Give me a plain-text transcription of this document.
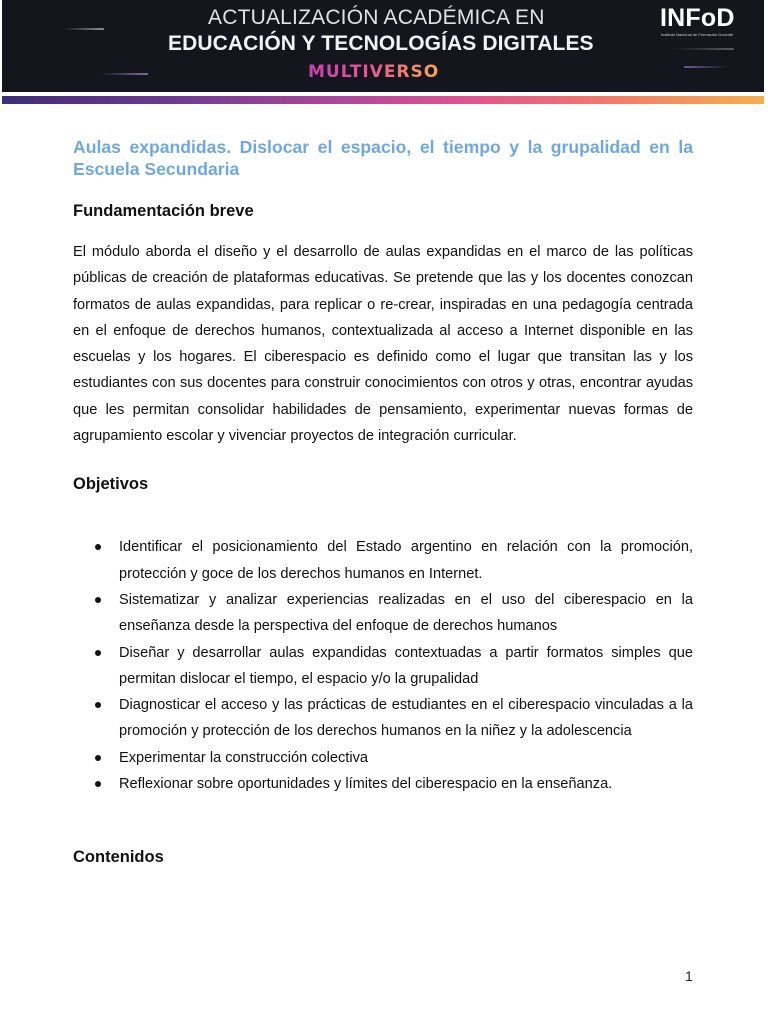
ACTUALIZACIÓN ACADÉMICA EN
EDUCACIÓN Y TECNOLOGÍAS DIGITALES
MULTIVERSO
INFoD
Instituto Nacional de Formación Docente
Aulas expandidas. Dislocar el espacio, el tiempo y la grupalidad en la Escuela Secundaria
Fundamentación breve

El módulo aborda el diseño y el desarrollo de aulas expandidas en el marco de las políticas públicas de creación de plataformas educativas. Se pretende que las y los docentes conozcan formatos de aulas expandidas, para replicar o re-crear, inspiradas en una pedagogía centrada en el enfoque de derechos humanos, contextualizada al acceso a Internet disponible en las escuelas y los hogares. El ciberespacio es definido como el lugar que transitan las y los estudiantes con sus docentes para construir conocimientos con otros y otras, encontrar ayudas que les permitan consolidar habilidades de pensamiento, experimentar nuevas formas de agrupamiento escolar y vivenciar proyectos de integración curricular.

Objetivos
Identificar el posicionamiento del Estado argentino en relación con la promoción, protección y goce de los derechos humanos en Internet.
Sistematizar y analizar experiencias realizadas en el uso del ciberespacio en la enseñanza desde la perspectiva del enfoque de derechos humanos
Diseñar y desarrollar aulas expandidas contextuadas a partir formatos simples que permitan dislocar el tiempo, el espacio y/o la grupalidad
Diagnosticar el acceso y las prácticas de estudiantes en el ciberespacio vinculadas a la promoción y protección de los derechos humanos en la niñez y la adolescencia
Experimentar la construcción colectiva
Reflexionar sobre oportunidades y límites del ciberespacio en la enseñanza.
Contenidos
1
